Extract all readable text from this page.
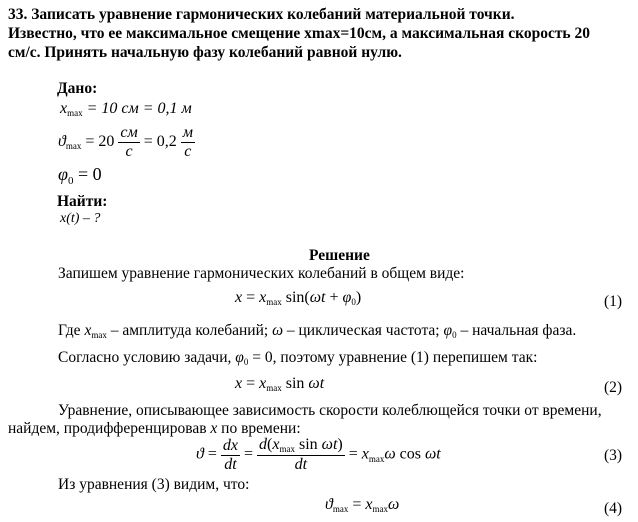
33. Записать уравнение гармонических колебаний материальной точки.
Известно, что ее максимальное смещение xmax=10см, а максимальная скорость 20
см/с. Принять начальную фазу колебаний равной нулю.
Дано:
xmax = 10 см = 0,1 м
$ϑ\max = 20 \frac{см}{с} = 0,2 \frac{м}{с}$
$\varphi_0 = 0$
Найти:
x(t) – ?
Решение
Запишем уравнение гармонических колебаний в общем виде:
x = xmax sin(ωt + φ0)	(1)
Где xmax – амплитуда колебаний; ω – циклическая частота; φ0 – начальная фаза.
Согласно условию задачи, φ0 = 0, поэтому уравнение (1) перепишем так:
x = xmax sin ωt	(2)
Уравнение, описывающее зависимость скорости колеблющейся точки от времени,
найдем, продифференцировав x по времени:
$ϑ = \frac{dx}{dt} = \frac{\text{d(xmax sin ωt)}}{dt} = xmax\omega$ cos ωt	(3)
Из уравнения (3) видим, что:
ϑmax = xmaxω	(4)
